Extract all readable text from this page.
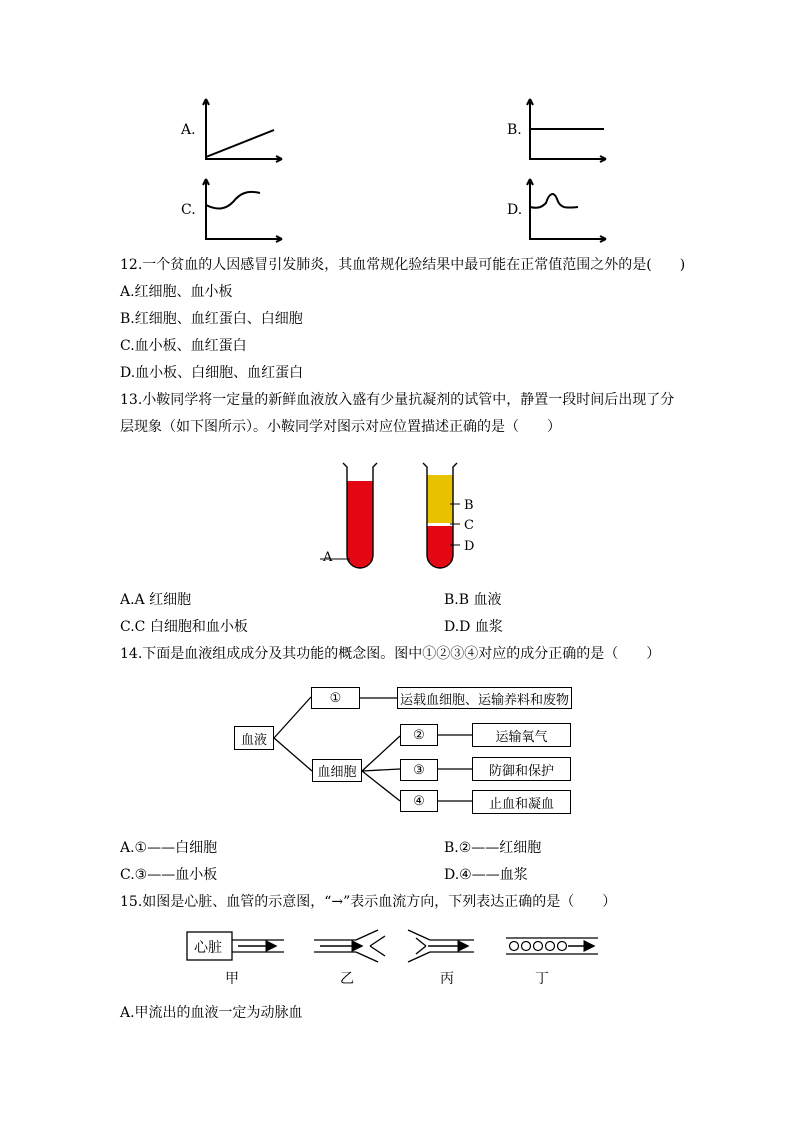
A.	B.
C.	D.
12.一个贫血的人因感冒引发肺炎，其血常规化验结果中最可能在正常值范围之外的是(　　)
A.红细胞、血小板
B.红细胞、血红蛋白、白细胞
C.血小板、血红蛋白
D.血小板、白细胞、血红蛋白
13.小鞍同学将一定量的新鲜血液放入盛有少量抗凝剂的试管中，静置一段时间后出现了分
层现象（如下图所示）。小鞍同学对图示对应位置描述正确的是（　　）
A
B
C
D
A.A 红细胞	B.B 血液
C.C 白细胞和血小板	D.D 血浆
14.下面是血液组成成分及其功能的概念图。图中①②③④对应的成分正确的是（　　）
血液
①	运载血细胞、运输养料和废物
血细胞
②	运输氧气
③	防御和保护
④	止血和凝血
A.①——白细胞	B.②——红细胞
C.③——血小板	D.④——血浆
15.如图是心脏、血管的示意图，“→”表示血流方向，下列表达正确的是（　　）
心脏
甲	乙	丙	丁
A.甲流出的血液一定为动脉血
